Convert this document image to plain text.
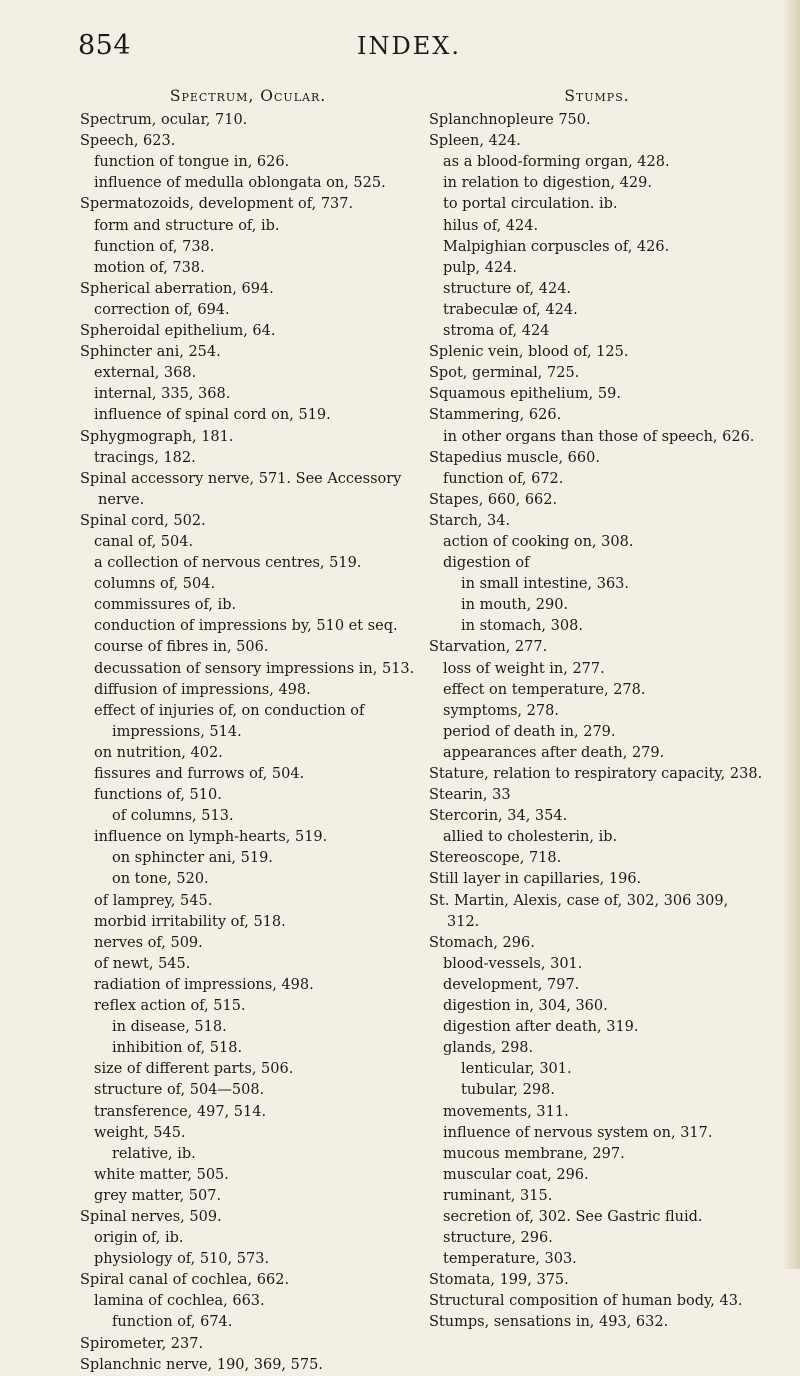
854	INDEX.
Spectrum, Ocular.
Spectrum, ocular, 710.
Speech, 623.
function of tongue in, 626.
influence of medulla oblongata on, 525.
Spermatozoids, development of, 737.
form and structure of, ib.
function of, 738.
motion of, 738.
Spherical aberration, 694.
correction of, 694.
Spheroidal epithelium, 64.
Sphincter ani, 254.
external, 368.
internal, 335, 368.
influence of spinal cord on, 519.
Sphygmograph, 181.
tracings, 182.
Spinal accessory nerve, 571. See Accessory nerve.
Spinal cord, 502.
canal of, 504.
a collection of nervous centres, 519.
columns of, 504.
commissures of, ib.
conduction of impressions by, 510 et seq.
course of fibres in, 506.
decussation of sensory impressions in, 513.
diffusion of impressions, 498.
effect of injuries of, on conduction of impressions, 514.
on nutrition, 402.
fissures and furrows of, 504.
functions of, 510.
of columns, 513.
influence on lymph-hearts, 519.
on sphincter ani, 519.
on tone, 520.
of lamprey, 545.
morbid irritability of, 518.
nerves of, 509.
of newt, 545.
radiation of impressions, 498.
reflex action of, 515.
in disease, 518.
inhibition of, 518.
size of different parts, 506.
structure of, 504—508.
transference, 497, 514.
weight, 545.
relative, ib.
white matter, 505.
grey matter, 507.
Spinal nerves, 509.
origin of, ib.
physiology of, 510, 573.
Spiral canal of cochlea, 662.
lamina of cochlea, 663.
function of, 674.
Spirometer, 237.
Splanchnic nerve, 190, 369, 575.
Stumps.
Splanchnopleure 750.
Spleen, 424.
as a blood-forming organ, 428.
in relation to digestion, 429.
to portal circulation. ib.
hilus of, 424.
Malpighian corpuscles of, 426.
pulp, 424.
structure of, 424.
trabeculæ of, 424.
stroma of, 424
Splenic vein, blood of, 125.
Spot, germinal, 725.
Squamous epithelium, 59.
Stammering, 626.
in other organs than those of speech, 626.
Stapedius muscle, 660.
function of, 672.
Stapes, 660, 662.
Starch, 34.
action of cooking on, 308.
digestion of
in small intestine, 363.
in mouth, 290.
in stomach, 308.
Starvation, 277.
loss of weight in, 277.
effect on temperature, 278.
symptoms, 278.
period of death in, 279.
appearances after death, 279.
Stature, relation to respiratory capacity, 238.
Stearin, 33
Stercorin, 34, 354.
allied to cholesterin, ib.
Stereoscope, 718.
Still layer in capillaries, 196.
St. Martin, Alexis, case of, 302, 306 309, 312.
Stomach, 296.
blood-vessels, 301.
development, 797.
digestion in, 304, 360.
digestion after death, 319.
glands, 298.
lenticular, 301.
tubular, 298.
movements, 311.
influence of nervous system on, 317.
mucous membrane, 297.
muscular coat, 296.
ruminant, 315.
secretion of, 302. See Gastric fluid.
structure, 296.
temperature, 303.
Stomata, 199, 375.
Structural composition of human body, 43.
Stumps, sensations in, 493, 632.
